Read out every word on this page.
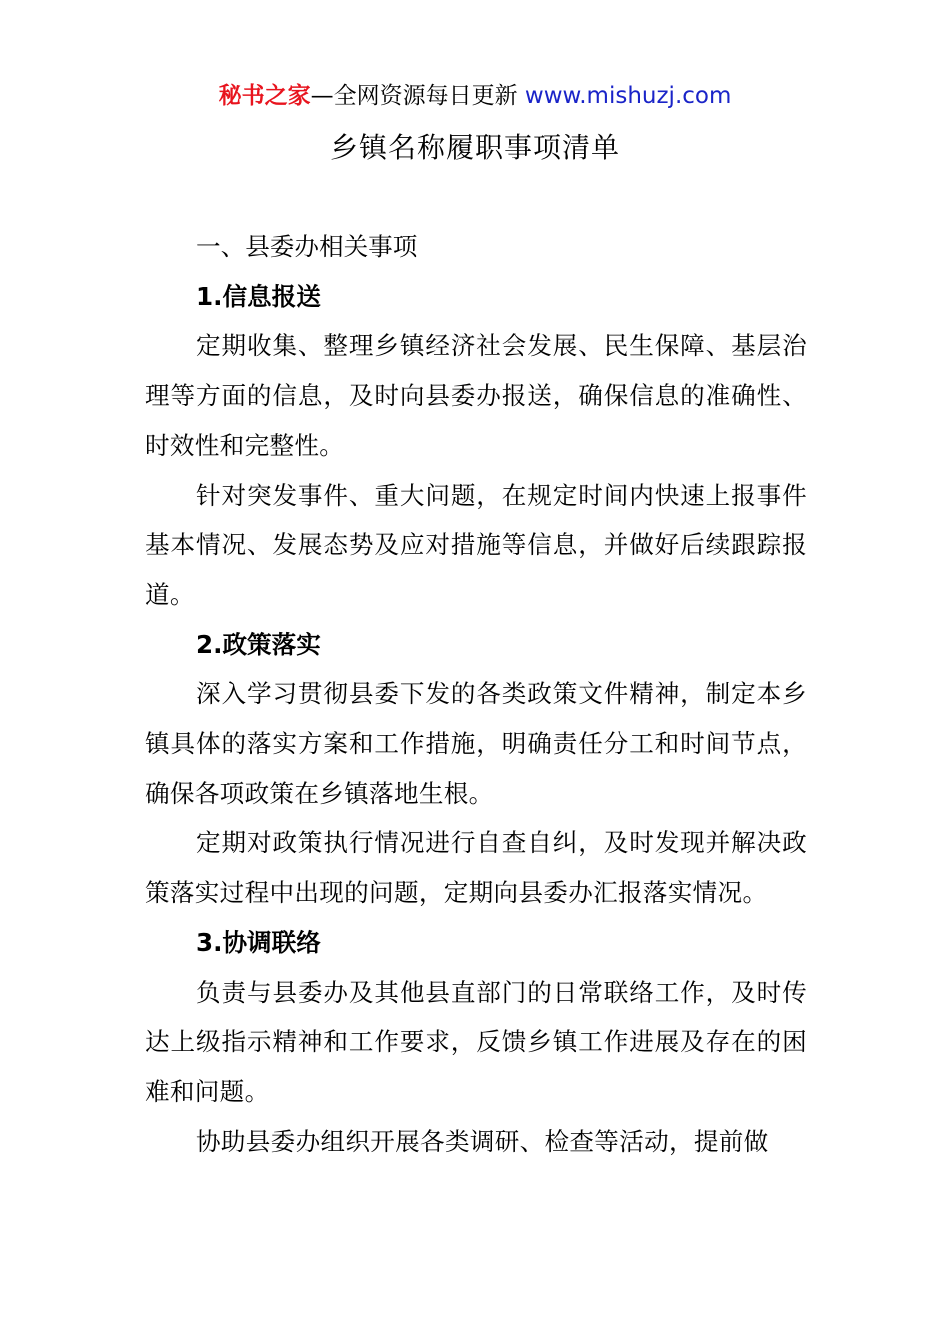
秘书之家—全网资源每日更新 www.mishuzj.com
乡镇名称履职事项清单

一、县委办相关事项

1.信息报送

定期收集、整理乡镇经济社会发展、民生保障、基层治理等方面的信息，及时向县委办报送，确保信息的准确性、时效性和完整性。

针对突发事件、重大问题，在规定时间内快速上报事件基本情况、发展态势及应对措施等信息，并做好后续跟踪报道。

2.政策落实

深入学习贯彻县委下发的各类政策文件精神，制定本乡镇具体的落实方案和工作措施，明确责任分工和时间节点，确保各项政策在乡镇落地生根。

定期对政策执行情况进行自查自纠，及时发现并解决政策落实过程中出现的问题，定期向县委办汇报落实情况。

3.协调联络

负责与县委办及其他县直部门的日常联络工作，及时传达上级指示精神和工作要求，反馈乡镇工作进展及存在的困难和问题。

协助县委办组织开展各类调研、检查等活动，提前做
